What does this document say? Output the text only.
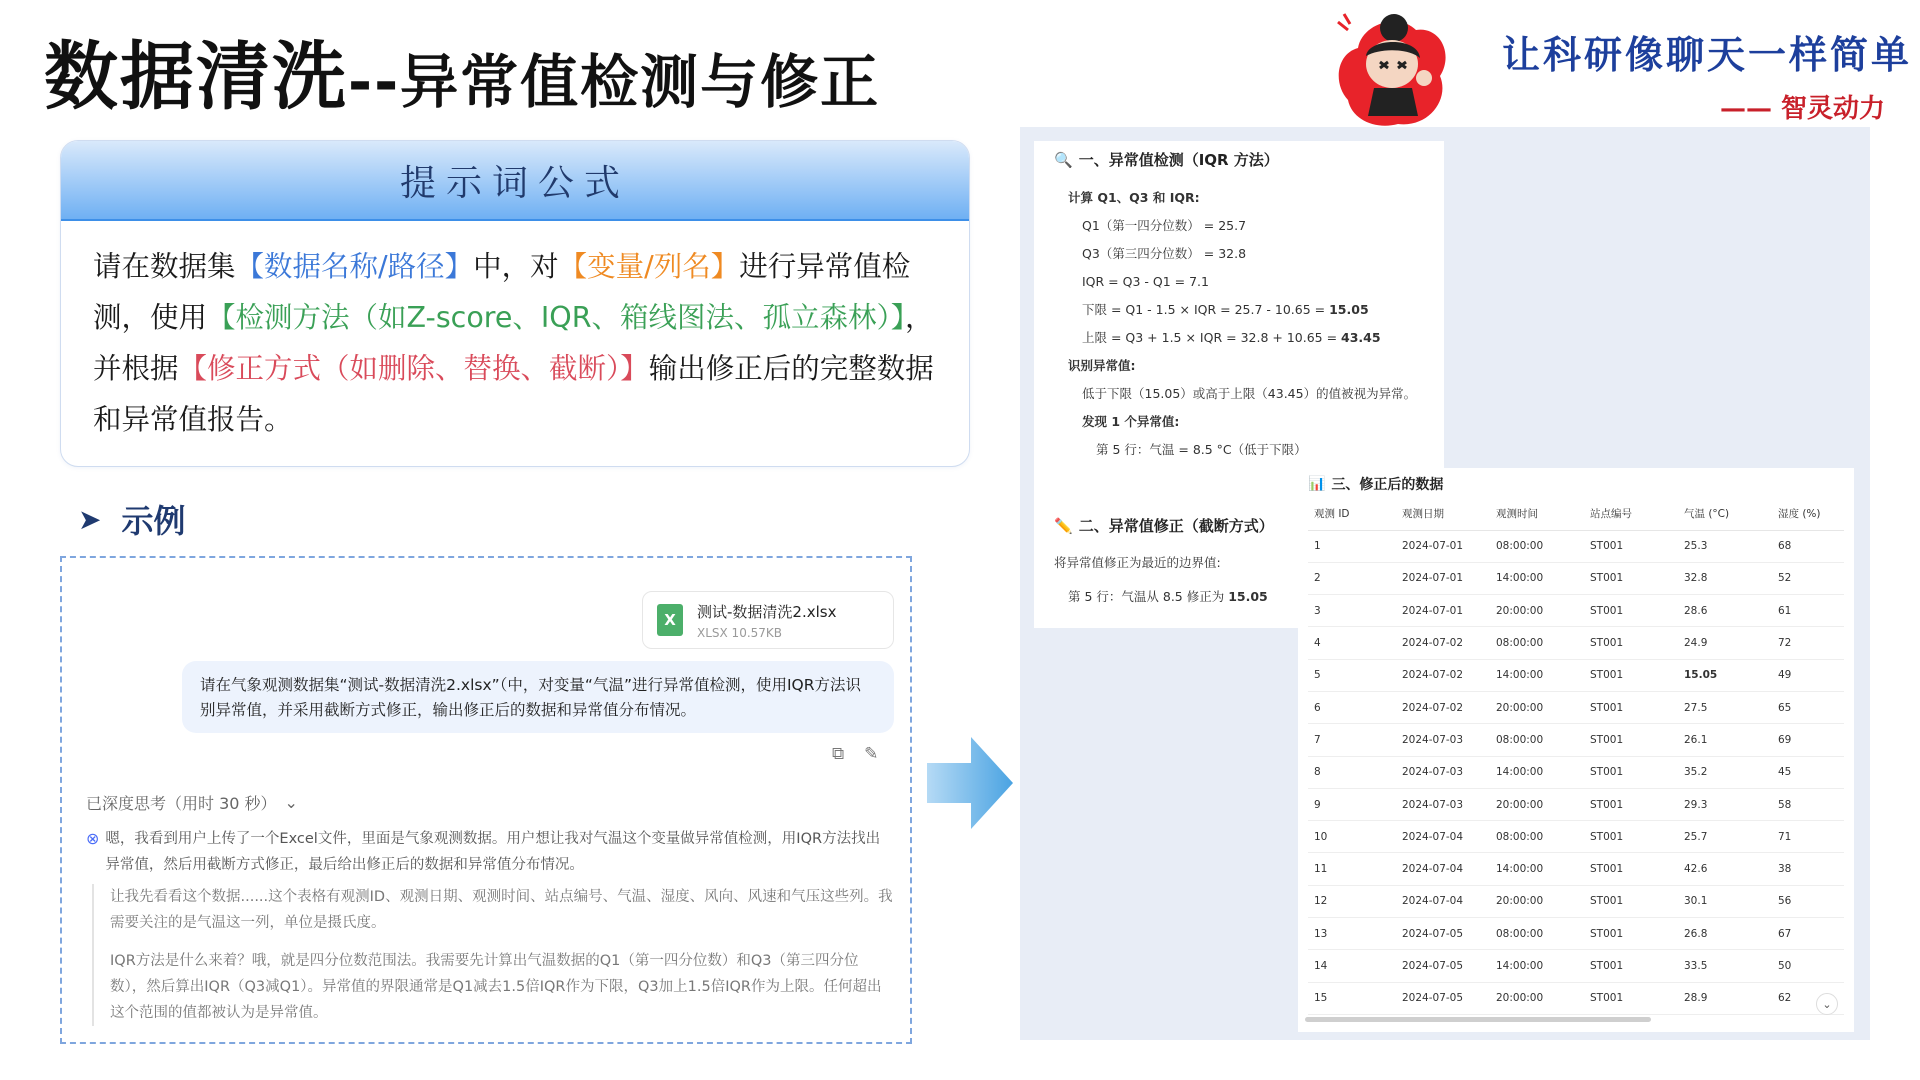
数据清洗--异常值检测与修正	让科研像聊天一样简单
—— 智灵动力
提示词公式
请在数据集【数据名称/路径】中，对【变量/列名】进行异常值检测，使用【检测方法（如Z-score、IQR、箱线图法、孤立森林）】，并根据【修正方式（如删除、替换、截断）】输出修正后的完整数据和异常值报告。
➤ 示例
X	测试-数据清洗2.xlsx
XLSX 10.57KB
请在气象观测数据集“测试-数据清洗2.xlsx”（中，对变量“气温”进行异常值检测，使用IQR方法识别异常值，并采用截断方式修正，输出修正后的数据和异常值分布情况。
⧉ ✎
已深度思考（用时 30 秒） ⌄
⊗ 嗯，我看到用户上传了一个Excel文件，里面是气象观测数据。用户想让我对气温这个变量做异常值检测，用IQR方法找出异常值，然后用截断方式修正，最后给出修正后的数据和异常值分布情况。

让我先看看这个数据......这个表格有观测ID、观测日期、观测时间、站点编号、气温、湿度、风向、风速和气压这些列。我需要关注的是气温这一列，单位是摄氏度。

IQR方法是什么来着？哦，就是四分位数范围法。我需要先计算出气温数据的Q1（第一四分位数）和Q3（第三四分位数），然后算出IQR（Q3减Q1）。异常值的界限通常是Q1减去1.5倍IQR作为下限，Q3加上1.5倍IQR作为上限。任何超出这个范围的值都被认为是异常值。

🔍 一、异常值检测（IQR 方法）
计算 Q1、Q3 和 IQR:
Q1（第一四分位数） = 25.7
Q3（第三四分位数） = 32.8
IQR = Q3 - Q1 = 7.1
下限 = Q1 - 1.5 × IQR = 25.7 - 10.65 = 15.05
上限 = Q3 + 1.5 × IQR = 32.8 + 10.65 = 43.45
识别异常值:
低于下限（15.05）或高于上限（43.45）的值被视为异常。
发现 1 个异常值:
第 5 行：气温 = 8.5 °C（低于下限）
✏️ 二、异常值修正（截断方式）
将异常值修正为最近的边界值:
第 5 行：气温从 8.5 修正为 15.05
📊 三、修正后的数据
观测 ID	观测日期	观测时间	站点编号	气温 (°C)	湿度 (%)
1	2024-07-01	08:00:00	ST001	25.3	68
2	2024-07-01	14:00:00	ST001	32.8	52
3	2024-07-01	20:00:00	ST001	28.6	61
4	2024-07-02	08:00:00	ST001	24.9	72
5	2024-07-02	14:00:00	ST001	15.05	49
6	2024-07-02	20:00:00	ST001	27.5	65
7	2024-07-03	08:00:00	ST001	26.1	69
8	2024-07-03	14:00:00	ST001	35.2	45
9	2024-07-03	20:00:00	ST001	29.3	58
10	2024-07-04	08:00:00	ST001	25.7	71
11	2024-07-04	14:00:00	ST001	42.6	38
12	2024-07-04	20:00:00	ST001	30.1	56
13	2024-07-05	08:00:00	ST001	26.8	67
14	2024-07-05	14:00:00	ST001	33.5	50
15	2024-07-05	20:00:00	ST001	28.9	62	⌄
